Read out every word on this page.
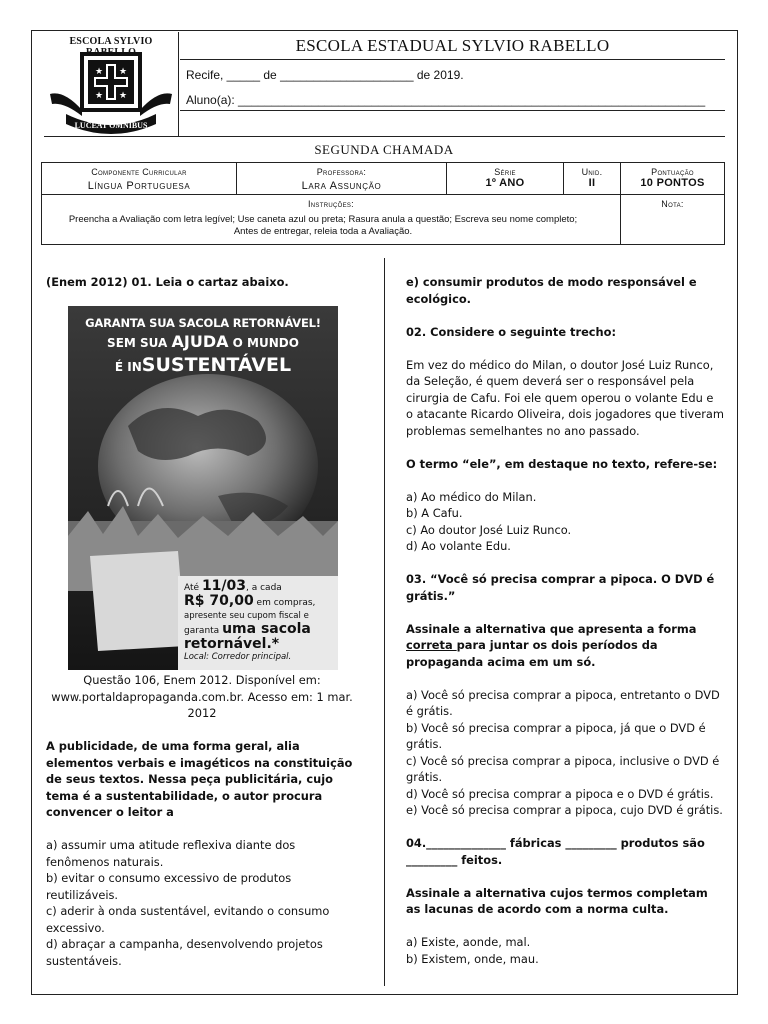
ESCOLA SYLVIO
★ ★
★ ★
LUCEAT OMNIBUS
ESCOLA ESTADUAL SYLVIO RABELLO
Recife, _____ de ____________________ de 2019.
Aluno(a): ______________________________________________________________________
SEGUNDA CHAMADA
Componente Curricular
Língua Portuguesa
Professora:
Lara Assunção
Série
1º ANO
Unid.
II
Pontuação
10 PONTOS
Instruções:
Preencha a Avaliação com letra legível; Use caneta azul ou preta; Rasura anula a questão; Escreva seu nome completo; Antes de entregar, releia toda a Avaliação.
Nota:
(Enem 2012) 01. Leia o cartaz abaixo.
GARANTA SUA SACOLA RETORNÁVEL!
SEM SUA AJUDA O MUNDO
É INSUSTENTÁVEL
Até 11/03, a cada
R$ 70,00 em compras,
apresente seu cupom fiscal e
garanta uma sacola
retornável.*
Local: Corredor principal.
Questão 106, Enem 2012. Disponível em: www.portaldapropaganda.com.br. Acesso em: 1 mar. 2012

A publicidade, de uma forma geral, alia elementos verbais e imagéticos na constituição de seus textos. Nessa peça publicitária, cujo tema é a sustentabilidade, o autor procura convencer o leitor a

a) assumir uma atitude reflexiva diante dos fenômenos naturais.

b) evitar o consumo excessivo de produtos reutilizáveis.

c) aderir à onda sustentável, evitando o consumo excessivo.

d) abraçar a campanha, desenvolvendo projetos sustentáveis.

e) consumir produtos de modo responsável e ecológico.

02. Considere o seguinte trecho:

Em vez do médico do Milan, o doutor José Luiz Runco, da Seleção, é quem deverá ser o responsável pela cirurgia de Cafu. Foi ele quem operou o volante Edu e o atacante Ricardo Oliveira, dois jogadores que tiveram problemas semelhantes no ano passado.

O termo “ele”, em destaque no texto, refere-se:

a) Ao médico do Milan.

b) A Cafu.

c) Ao doutor José Luiz Runco.

d) Ao volante Edu.

03. “Você só precisa comprar a pipoca. O DVD é grátis.”

Assinale a alternativa que apresenta a forma correta para juntar os dois períodos da propaganda acima em um só.

a) Você só precisa comprar a pipoca, entretanto o DVD é grátis.

b) Você só precisa comprar a pipoca, já que o DVD é grátis.

c) Você só precisa comprar a pipoca, inclusive o DVD é grátis.

d) Você só precisa comprar a pipoca e o DVD é grátis.

e) Você só precisa comprar a pipoca, cujo DVD é grátis.

04.______________ fábricas _________ produtos são _________ feitos.

Assinale a alternativa cujos termos completam as lacunas de acordo com a norma culta.

a) Existe, aonde, mal.

b) Existem, onde, mau.
